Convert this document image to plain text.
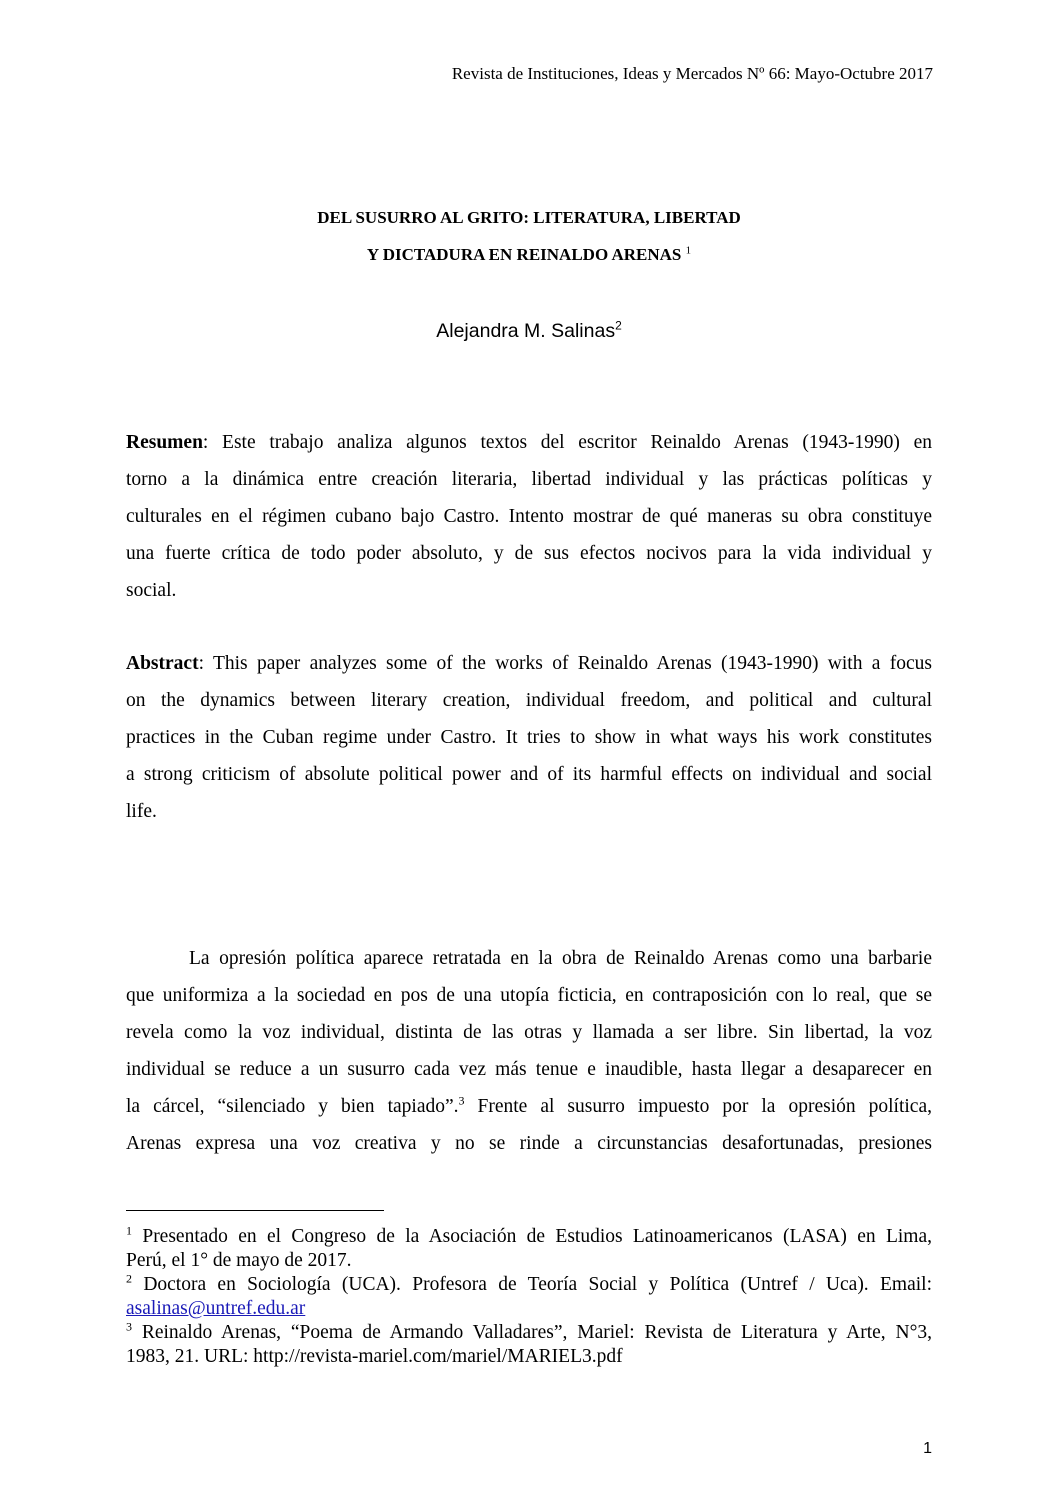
Revista de Instituciones, Ideas y Mercados Nº 66: Mayo-Octubre 2017
DEL SUSURRO AL GRITO: LITERATURA, LIBERTAD
Y DICTADURA EN REINALDO ARENAS $^1$
Alejandra M. Salinas$^2$
Resumen: Este trabajo analiza algunos textos del escritor Reinaldo Arenas (1943-1990) en
torno a la dinámica entre creación literaria, libertad individual y las prácticas políticas y
culturales en el régimen cubano bajo Castro. Intento mostrar de qué maneras su obra constituye
una fuerte crítica de todo poder absoluto, y de sus efectos nocivos para la vida individual y
social.
Abstract: This paper analyzes some of the works of Reinaldo Arenas (1943-1990) with a focus
on the dynamics between literary creation, individual freedom, and political and cultural
practices in the Cuban regime under Castro. It tries to show in what ways his work constitutes
a strong criticism of absolute political power and of its harmful effects on individual and social
life.
La opresión política aparece retratada en la obra de Reinaldo Arenas como una barbarie
que uniformiza a la sociedad en pos de una utopía ficticia, en contraposición con lo real, que se
revela como la voz individual, distinta de las otras y llamada a ser libre. Sin libertad, la voz
individual se reduce a un susurro cada vez más tenue e inaudible, hasta llegar a desaparecer en
la cárcel, “silenciado y bien tapiado”.$^3$ Frente al susurro impuesto por la opresión política,
Arenas expresa una voz creativa y no se rinde a circunstancias desafortunadas, presiones
$^1$ Presentado en el Congreso de la Asociación de Estudios Latinoamericanos (LASA) en Lima,
Perú, el 1° de mayo de 2017.
$^2$ Doctora en Sociología (UCA). Profesora de Teoría Social y Política (Untref / Uca). Email:
asalinas@untref.edu.ar
$^3$ Reinaldo Arenas, “Poema de Armando Valladares”, Mariel: Revista de Literatura y Arte, N°3,
1983, 21. URL: http://revista-mariel.com/mariel/MARIEL3.pdf
1
